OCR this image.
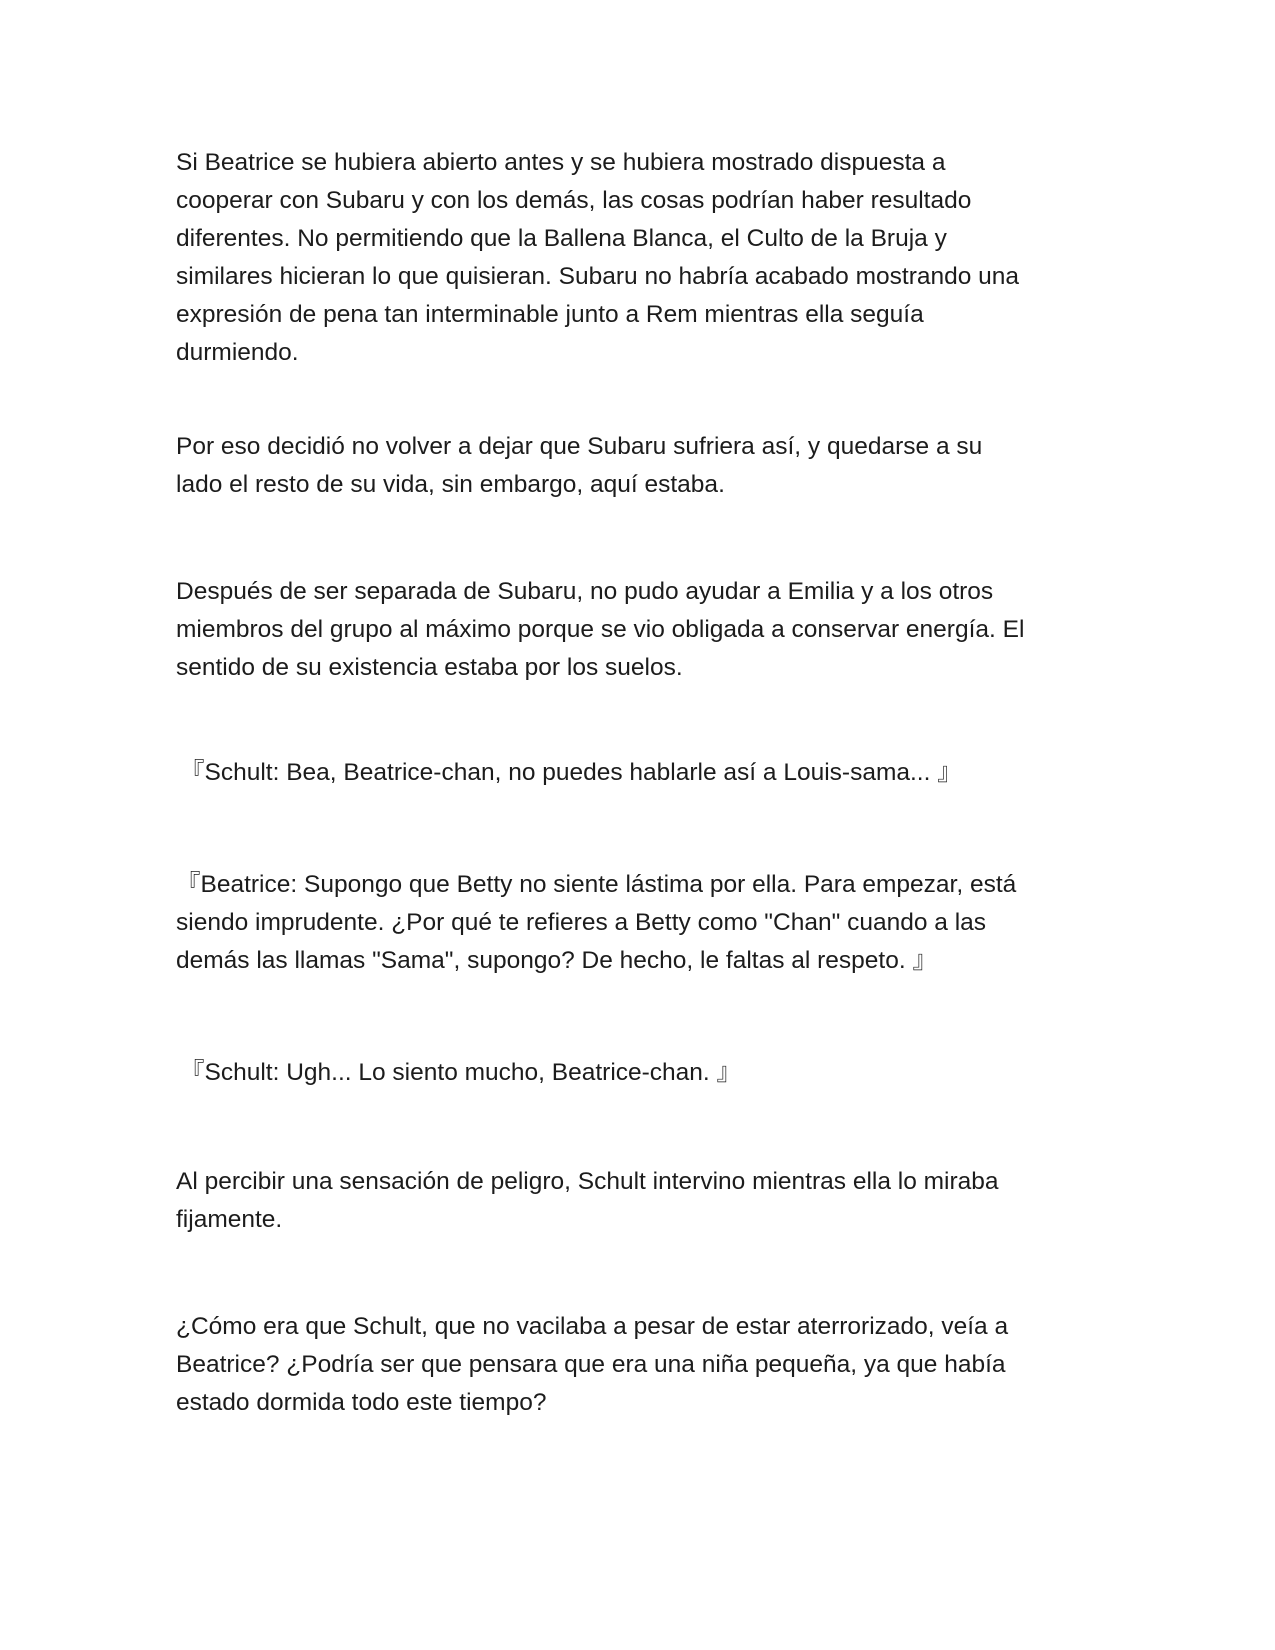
Si Beatrice se hubiera abierto antes y se hubiera mostrado dispuesta a
cooperar con Subaru y con los demás, las cosas podrían haber resultado
diferentes. No permitiendo que la Ballena Blanca, el Culto de la Bruja y
similares hicieran lo que quisieran. Subaru no habría acabado mostrando una
expresión de pena tan interminable junto a Rem mientras ella seguía
durmiendo.

Por eso decidió no volver a dejar que Subaru sufriera así, y quedarse a su
lado el resto de su vida, sin embargo, aquí estaba.

Después de ser separada de Subaru, no pudo ayudar a Emilia y a los otros
miembros del grupo al máximo porque se vio obligada a conservar energía. El
sentido de su existencia estaba por los suelos.

『Schult: Bea, Beatrice-chan, no puedes hablarle así a Louis-sama... 』

『Beatrice: Supongo que Betty no siente lástima por ella. Para empezar, está
siendo imprudente. ¿Por qué te refieres a Betty como "Chan" cuando a las
demás las llamas "Sama", supongo? De hecho, le faltas al respeto. 』

『Schult: Ugh... Lo siento mucho, Beatrice-chan. 』

Al percibir una sensación de peligro, Schult intervino mientras ella lo miraba
fijamente.

¿Cómo era que Schult, que no vacilaba a pesar de estar aterrorizado, veía a
Beatrice? ¿Podría ser que pensara que era una niña pequeña, ya que había
estado dormida todo este tiempo?
